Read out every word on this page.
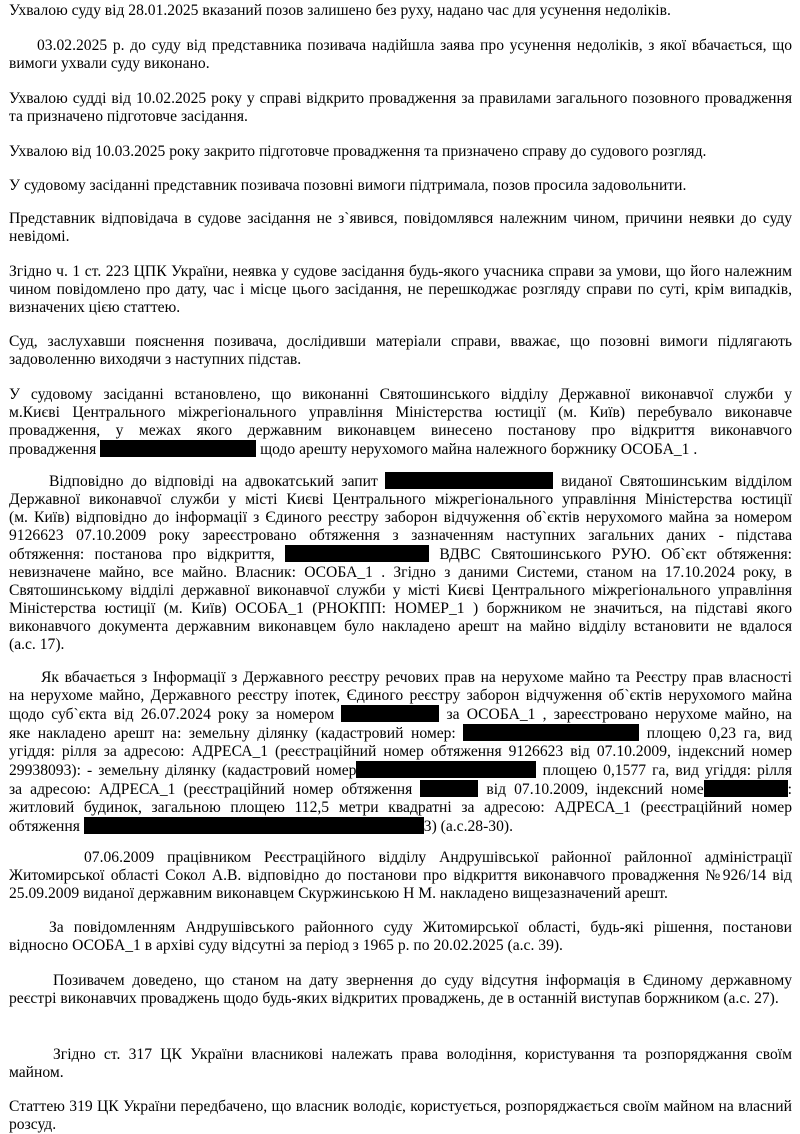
Ухвалою суду від 28.01.2025 вказаний позов залишено без руху, надано час для усунення недоліків.

03.02.2025 р. до суду від представника позивача надійшла заява про усунення недоліків, з якої вбачається, що вимоги ухвали суду виконано.

Ухвалою судді від 10.02.2025 року у справі відкрито провадження за правилами загального позовного провадження та призначено підготовче засідання.

Ухвалою від 10.03.2025 року закрито підготовче провадження та призначено справу до судового розгляд.

У судовому засіданні представник позивача позовні вимоги підтримала, позов просила задовольнити.

Представник відповідача в судове засідання не з`явився, повідомлявся належним чином, причини неявки до суду невідомі.

Згідно ч. 1 ст. 223 ЦПК України, неявка у судове засідання будь-якого учасника справи за умови, що його належним чином повідомлено про дату, час і місце цього засідання, не перешкоджає розгляду справи по суті, крім випадків, визначених цією статтею.

Суд, заслухавши пояснення позивача, дослідивши матеріали справи, вважає, що позовні вимоги підлягають задоволенню виходячи з наступних підстав.

У судовому засіданні встановлено, що виконанні Святошинського відділу Державної виконавчої служби у
м.Києві Центрального міжрегіонального управління Міністерства юстиції (м. Київ) перебувало виконавче
провадження, у межах якого державним виконавцем винесено постанову про відкриття виконавчого
провадження	щодо арешту нерухомого майна належного боржнику ОСОБА_1 .
Відповідно до відповіді на адвокатський запит	виданої Святошинським відділом
Державної виконавчої служби у місті Києві Центрального міжрегіонального управління Міністерства юстиції
(м. Київ) відповідно до інформації з Єдиного реєстру заборон відчуження об`єктів нерухомого майна за номером
9126623 07.10.2009 року зареєстровано обтяження з зазначенням наступних загальних даних - підстава
обтяження: постанова про відкриття,	ВДВС Святошинського РУЮ. Об`єкт обтяження:
невизначене майно, все майно. Власник: ОСОБА_1 . Згідно з даними Системи, станом на 17.10.2024 року, в
Святошинському відділі державної виконавчої служби у місті Києві Центрального міжрегіонального управління
Міністерства юстиції (м. Київ) ОСОБА_1 (РНОКПП: НОМЕР_1 ) боржником не значиться, на підставі якого
виконавчого документа державним виконавцем було накладено арешт на майно відділу встановити не вдалося
(а.с. 17).
Як вбачається з Інформації з Державного реєстру речових прав на нерухоме майно та Реєстру прав власності
на нерухоме майно, Державного реєстру іпотек, Єдиного реєстру заборон відчуження об`єктів нерухомого майна
щодо суб`єкта від 26.07.2024 року за номером	за ОСОБА_1 , зареєстровано нерухоме майно, на
яке накладено арешт на: земельну ділянку (кадастровий номер:	площею 0,23 га, вид
угіддя: рілля за адресою: АДРЕСА_1 (реєстраційний номер обтяження 9126623 від 07.10.2009, індексний номер
29938093): - земельну ділянку (кадастровий номер	площею 0,1577 га, вид угіддя: рілля
за адресою: АДРЕСА_1 (реєстраційний номер обтяження	від 07.10.2009, індексний номе	:
житловий будинок, загальною площею 112,5 метри квадратні за адресою: АДРЕСА_1 (реєстраційний номер
обтяження	3) (а.с.28-30).

07.06.2009 працівником Реєстраційного відділу Андрушівської районної райлонної адміністрації Житомирської області Сокол А.В. відповідно до постанови про відкриття виконавчого провадження №926/14 від 25.09.2009 виданої державним виконавцем Скуржинською Н М. накладено вищезазначений арешт.

За повідомленням Андрушівського районного суду Житомирської області, будь-які рішення, постанови відносно ОСОБА_1 в архіві суду відсутні за період з 1965 р. по 20.02.2025 (а.с. 39).

Позивачем доведено, що станом на дату звернення до суду відсутня інформація в Єдиному державному реєстрі виконавчих проваджень щодо будь-яких відкритих проваджень, де в останній виступав боржником (а.с. 27).

Згідно ст. 317 ЦК України власникові належать права володіння, користування та розпоряджання своїм майном.

Статтею 319 ЦК України передбачено, що власник володіє, користується, розпоряджається своїм майном на власний розсуд.
